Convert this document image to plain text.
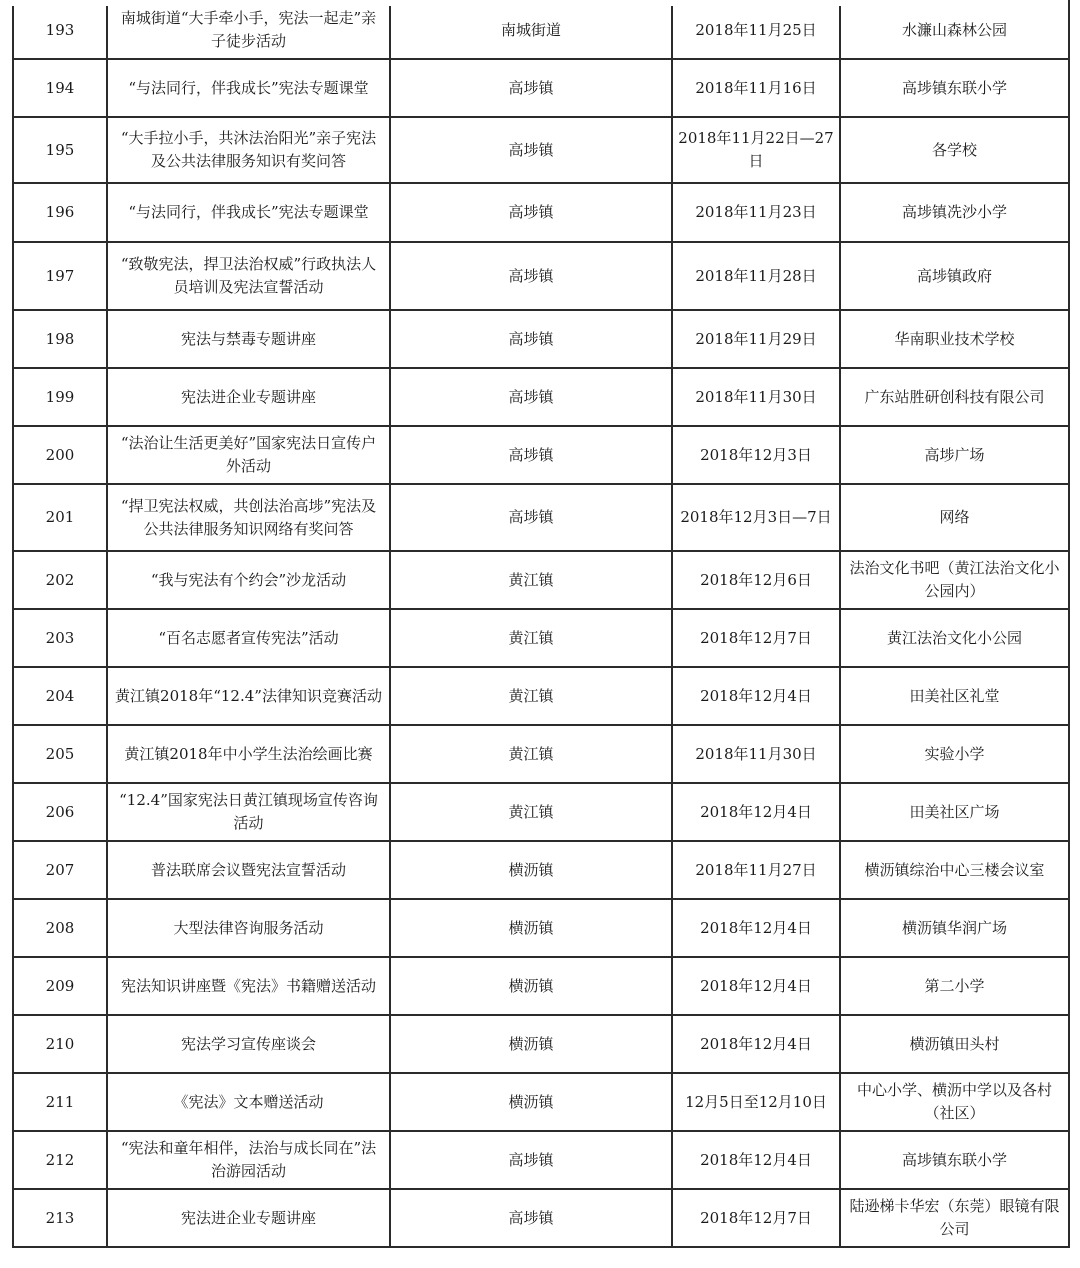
193	南城街道“大手牵小手，宪法一起走”亲子徒步活动	南城街道	2018年11月25日	水濂山森林公园
194	“与法同行，伴我成长”宪法专题课堂	高埗镇	2018年11月16日	高埗镇东联小学
195	“大手拉小手，共沐法治阳光”亲子宪法及公共法律服务知识有奖问答	高埗镇	2018年11月22日—27日	各学校
196	“与法同行，伴我成长”宪法专题课堂	高埗镇	2018年11月23日	高埗镇冼沙小学
197	“致敬宪法，捍卫法治权威”行政执法人员培训及宪法宣誓活动	高埗镇	2018年11月28日	高埗镇政府
198	宪法与禁毒专题讲座	高埗镇	2018年11月29日	华南职业技术学校
199	宪法进企业专题讲座	高埗镇	2018年11月30日	广东站胜研创科技有限公司
200	“法治让生活更美好”国家宪法日宣传户外活动	高埗镇	2018年12月3日	高埗广场
201	“捍卫宪法权威，共创法治高埗”宪法及公共法律服务知识网络有奖问答	高埗镇	2018年12月3日—7日	网络
202	“我与宪法有个约会”沙龙活动	黄江镇	2018年12月6日	法治文化书吧（黄江法治文化小公园内）
203	“百名志愿者宣传宪法”活动	黄江镇	2018年12月7日	黄江法治文化小公园
204	黄江镇2018年“12.4”法律知识竞赛活动	黄江镇	2018年12月4日	田美社区礼堂
205	黄江镇2018年中小学生法治绘画比赛	黄江镇	2018年11月30日	实验小学
206	“12.4”国家宪法日黄江镇现场宣传咨询活动	黄江镇	2018年12月4日	田美社区广场
207	普法联席会议暨宪法宣誓活动	横沥镇	2018年11月27日	横沥镇综治中心三楼会议室
208	大型法律咨询服务活动	横沥镇	2018年12月4日	横沥镇华润广场
209	宪法知识讲座暨《宪法》书籍赠送活动	横沥镇	2018年12月4日	第二小学
210	宪法学习宣传座谈会	横沥镇	2018年12月4日	横沥镇田头村
211	《宪法》文本赠送活动	横沥镇	12月5日至12月10日	中心小学、横沥中学以及各村（社区）
212	“宪法和童年相伴，法治与成长同在”法治游园活动	高埗镇	2018年12月4日	高埗镇东联小学
213	宪法进企业专题讲座	高埗镇	2018年12月7日	陆逊梯卡华宏（东莞）眼镜有限公司
